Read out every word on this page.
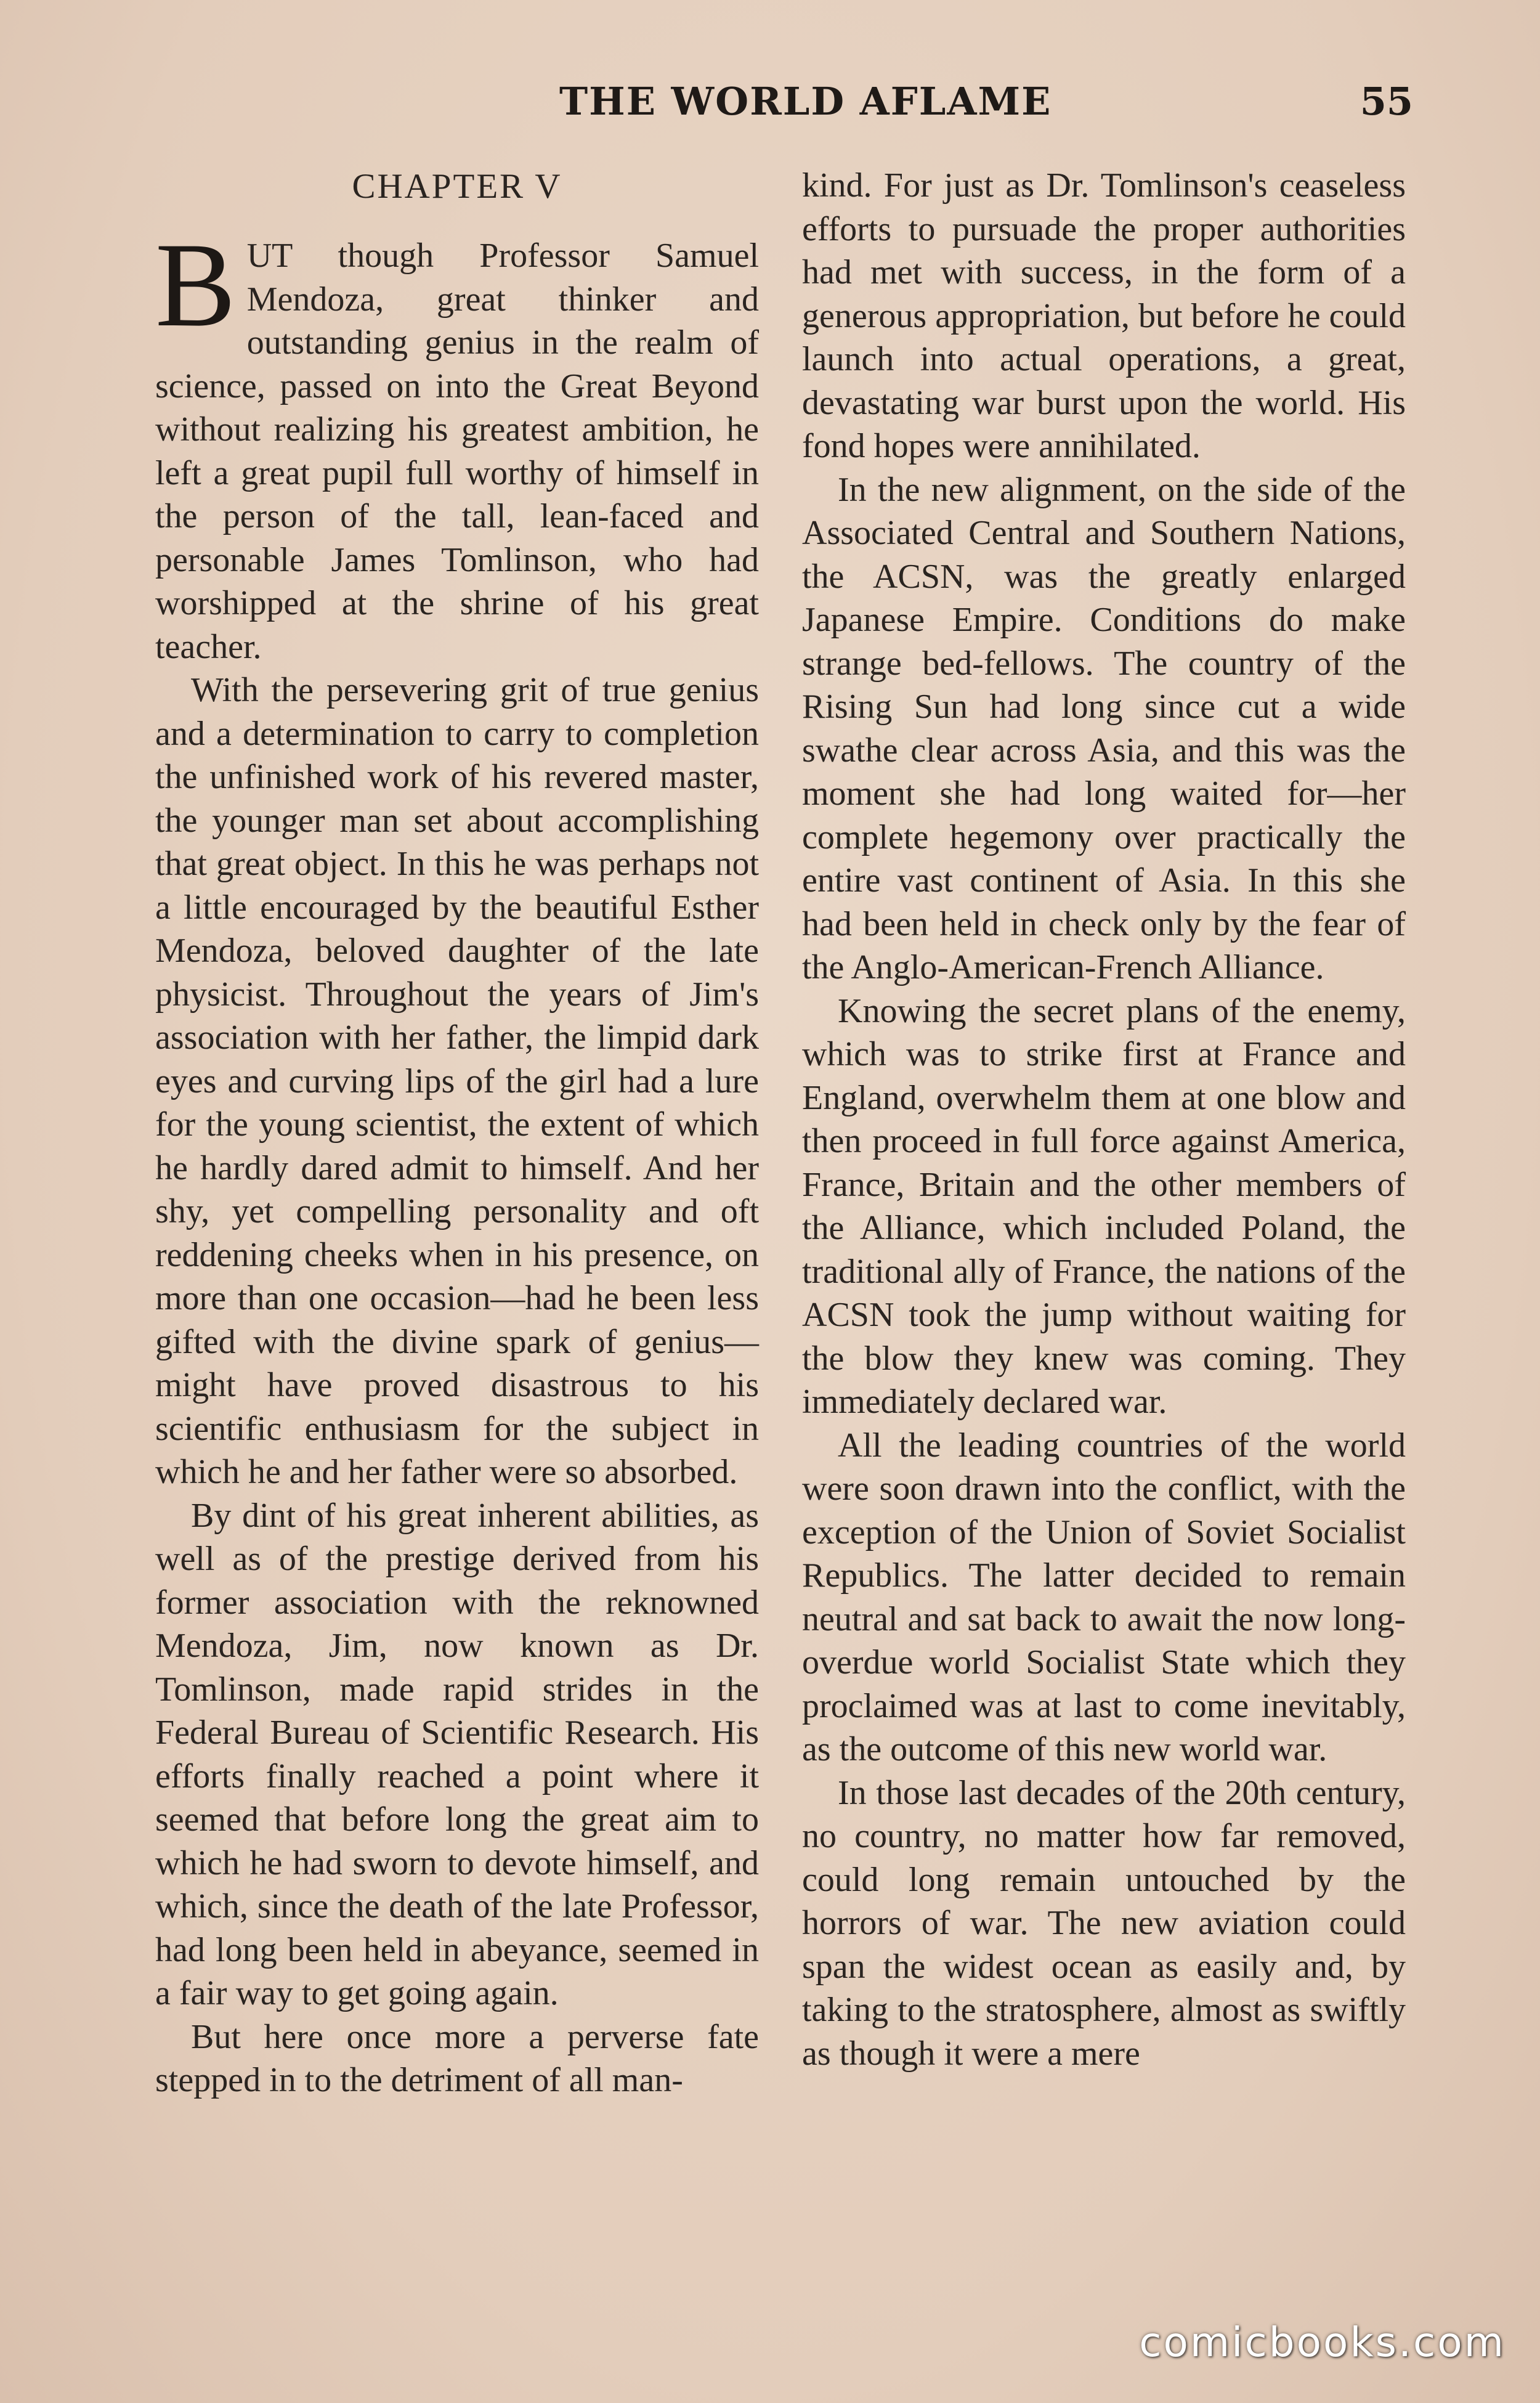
THE WORLD AFLAME	55
CHAPTER V

BUT though Professor Samuel Mendoza, great thinker and outstanding genius in the realm of science, passed on into the Great Beyond without realizing his greatest ambition, he left a great pupil full worthy of himself in the person of the tall, lean-faced and personable James Tomlinson, who had worshipped at the shrine of his great teacher.

With the persevering grit of true genius and a determination to carry to completion the unfinished work of his revered master, the younger man set about accomplishing that great object. In this he was perhaps not a little encouraged by the beautiful Esther Mendoza, beloved daughter of the late physicist. Throughout the years of Jim's association with her father, the limpid dark eyes and curving lips of the girl had a lure for the young scientist, the extent of which he hardly dared admit to himself. And her shy, yet compelling personality and oft reddening cheeks when in his presence, on more than one occasion—had he been less gifted with the divine spark of genius—might have proved disastrous to his scientific enthusiasm for the subject in which he and her father were so absorbed.

By dint of his great inherent abilities, as well as of the prestige derived from his former association with the reknowned Mendoza, Jim, now known as Dr. Tomlinson, made rapid strides in the Federal Bureau of Scientific Research. His efforts finally reached a point where it seemed that before long the great aim to which he had sworn to devote himself, and which, since the death of the late Professor, had long been held in abeyance, seemed in a fair way to get going again.

But here once more a perverse fate stepped in to the detriment of all man-

kind. For just as Dr. Tomlinson's ceaseless efforts to pursuade the proper authorities had met with success, in the form of a generous appropriation, but before he could launch into actual operations, a great, devastating war burst upon the world. His fond hopes were annihilated.

In the new alignment, on the side of the Associated Central and Southern Nations, the ACSN, was the greatly enlarged Japanese Empire. Conditions do make strange bed-fellows. The country of the Rising Sun had long since cut a wide swathe clear across Asia, and this was the moment she had long waited for—her complete hegemony over practically the entire vast continent of Asia. In this she had been held in check only by the fear of the Anglo-American-French Alliance.

Knowing the secret plans of the enemy, which was to strike first at France and England, overwhelm them at one blow and then proceed in full force against America, France, Britain and the other members of the Alliance, which included Poland, the traditional ally of France, the nations of the ACSN took the jump without waiting for the blow they knew was coming. They immediately declared war.

All the leading countries of the world were soon drawn into the conflict, with the exception of the Union of Soviet Socialist Republics. The latter decided to remain neutral and sat back to await the now long-overdue world Socialist State which they proclaimed was at last to come inevitably, as the outcome of this new world war.

In those last decades of the 20th century, no country, no matter how far removed, could long remain untouched by the horrors of war. The new aviation could span the widest ocean as easily and, by taking to the stratosphere, almost as swiftly as though it were a mere

comicbooks.com
